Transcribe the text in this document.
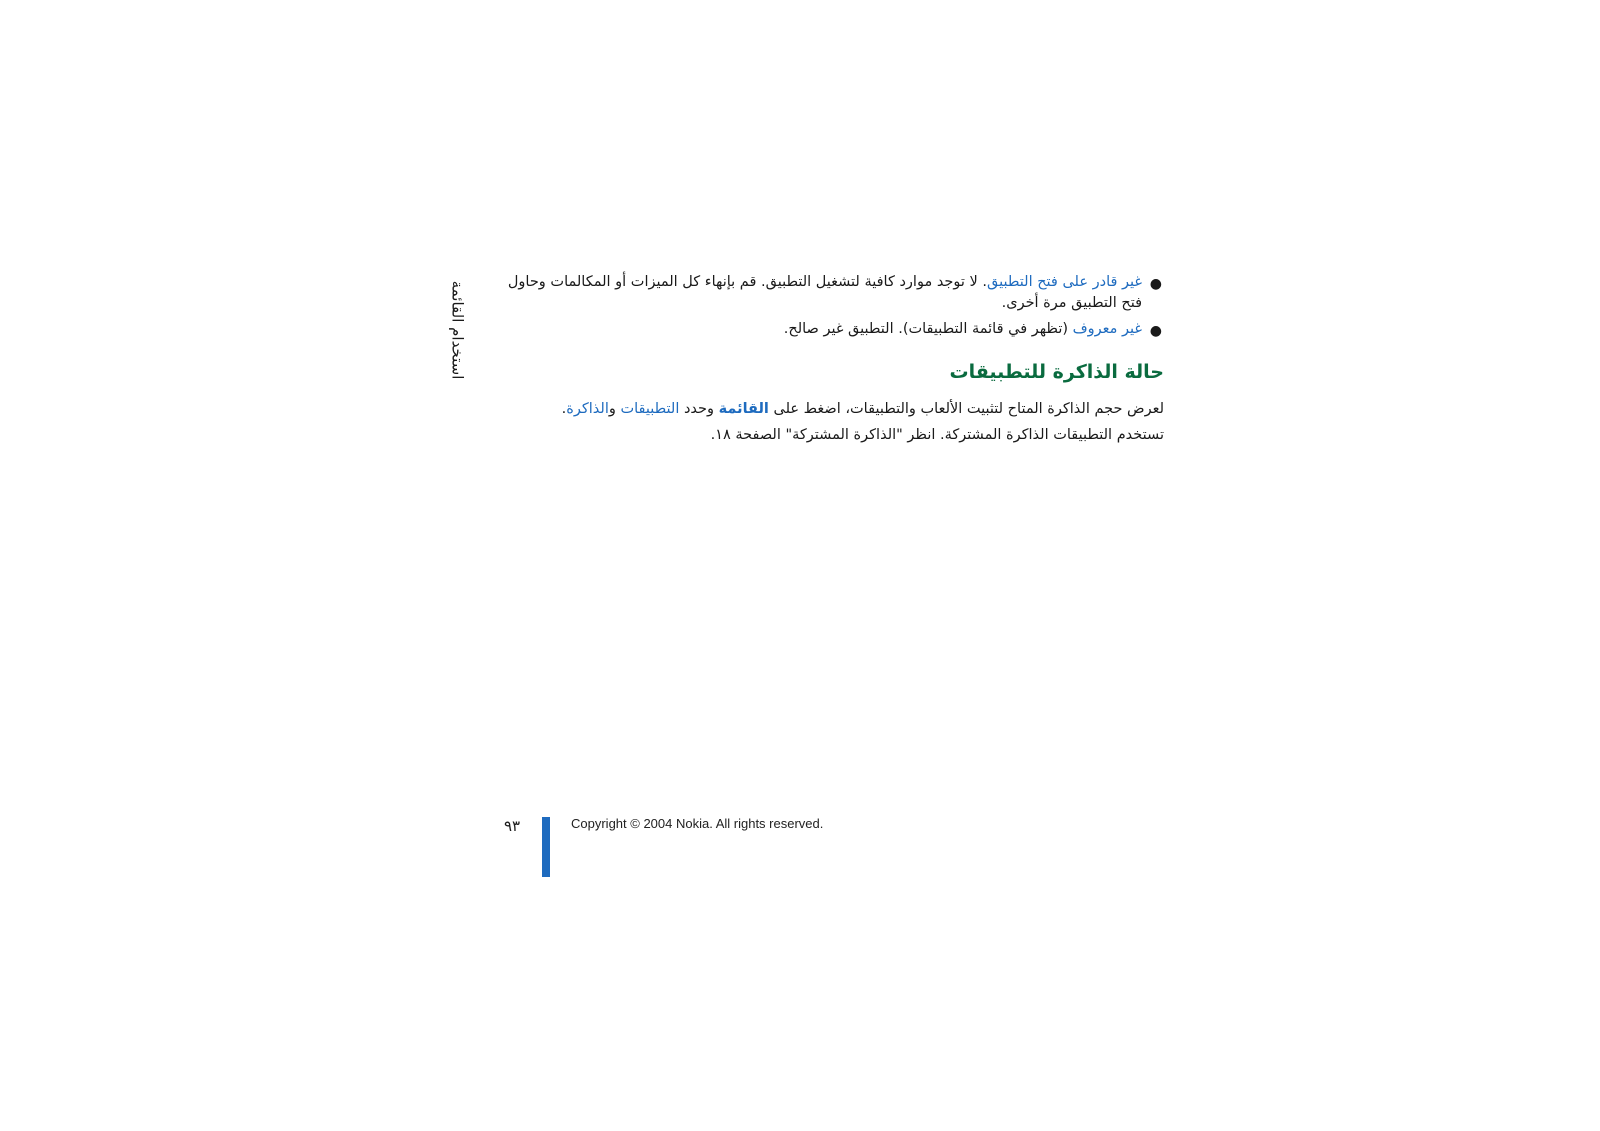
استخدام القائمة	●
غير قادر على فتح التطبيق. لا توجد موارد كافية لتشغيل التطبيق. قم بإنهاء كل الميزات أو المكالمات وحاول فتح التطبيق مرة أخرى.
●
غير معروف (تظهر في قائمة التطبيقات). التطبيق غير صالح.
حالة الذاكرة للتطبيقات

لعرض حجم الذاكرة المتاح لتثبيت الألعاب والتطبيقات، اضغط على القائمة وحدد التطبيقات والذاكرة.
تستخدم التطبيقات الذاكرة المشتركة. انظر "الذاكرة المشتركة" الصفحة ١٨.

٩٣	Copyright © 2004 Nokia. All rights reserved.
